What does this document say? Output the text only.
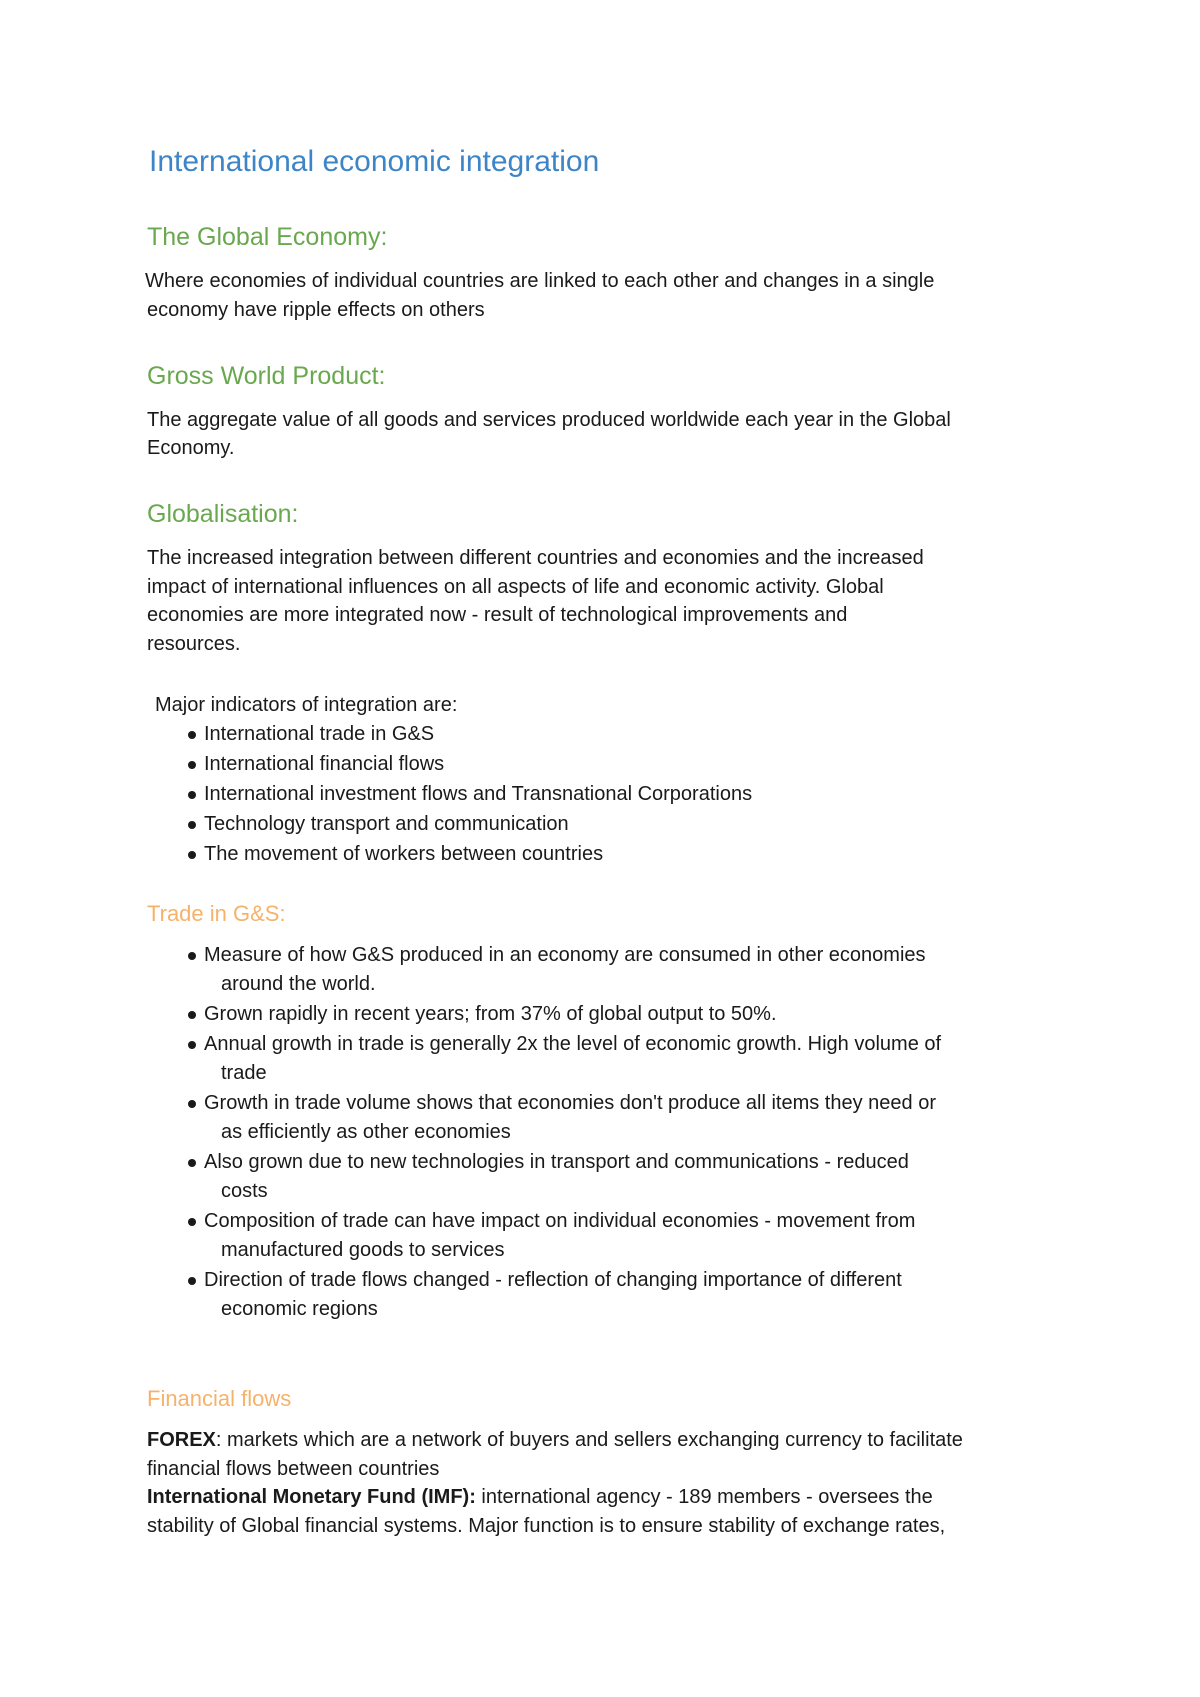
International economic integration
The Global Economy:
Where economies of individual countries are linked to each other and changes in a single
economy have ripple effects on others
Gross World Product:
The aggregate value of all goods and services produced worldwide each year in the Global
Economy.
Globalisation:
The increased integration between different countries and economies and the increased
impact of international influences on all aspects of life and economic activity. Global
economies are more integrated now - result of technological improvements and
resources.
Major indicators of integration are:
International trade in G&S
International financial flows
International investment flows and Transnational Corporations
Technology transport and communication
The movement of workers between countries
Trade in G&S:
Measure of how G&S produced in an economy are consumed in other economies
around the world.
Grown rapidly in recent years; from 37% of global output to 50%.
Annual growth in trade is generally 2x the level of economic growth. High volume of
trade
Growth in trade volume shows that economies don't produce all items they need or
as efficiently as other economies
Also grown due to new technologies in transport and communications - reduced
costs
Composition of trade can have impact on individual economies - movement from
manufactured goods to services
Direction of trade flows changed - reflection of changing importance of different
economic regions
Financial flows
FOREX: markets which are a network of buyers and sellers exchanging currency to facilitate
financial flows between countries
International Monetary Fund (IMF): international agency - 189 members - oversees the
stability of Global financial systems. Major function is to ensure stability of exchange rates,
